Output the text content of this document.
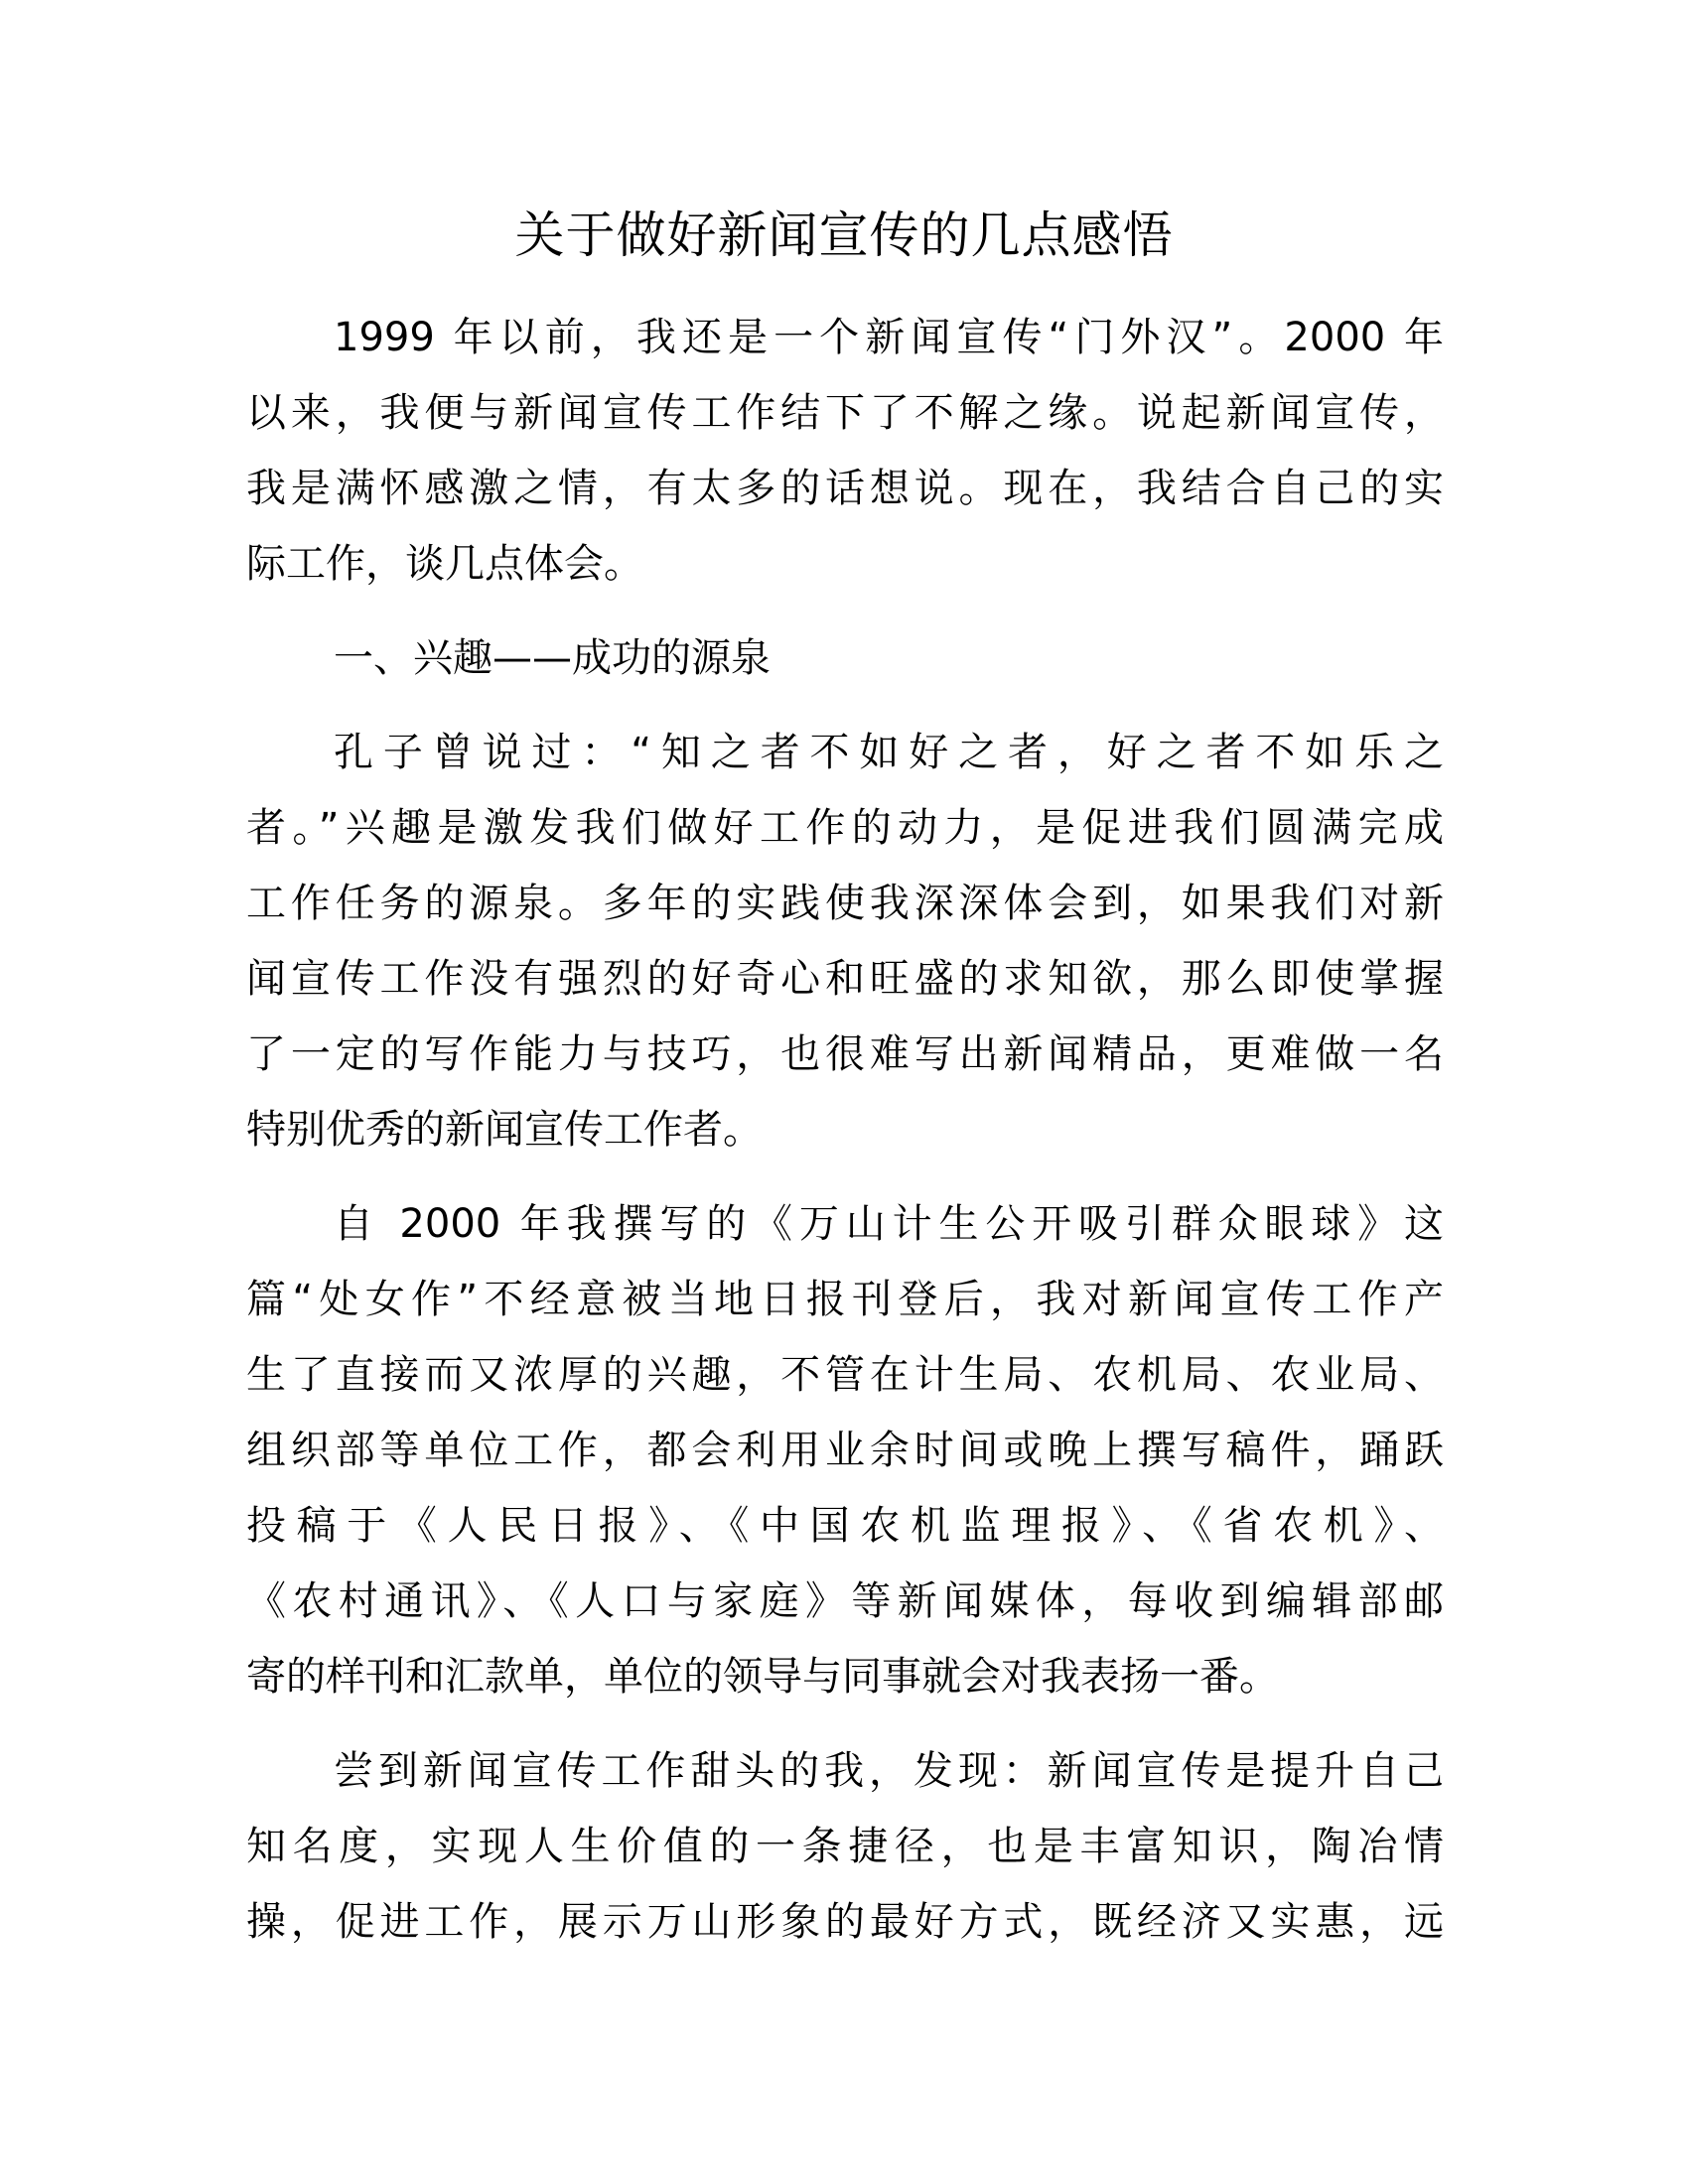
关于做好新闻宣传的几点感悟
1999 年以前，我还是一个新闻宣传“门外汉”。2000 年
以来，我便与新闻宣传工作结下了不解之缘。说起新闻宣传，
我是满怀感激之情，有太多的话想说。现在，我结合自己的实
际工作，谈几点体会。
一、兴趣——成功的源泉
孔子曾说过：“知之者不如好之者，好之者不如乐之
者。”兴趣是激发我们做好工作的动力，是促进我们圆满完成
工作任务的源泉。多年的实践使我深深体会到，如果我们对新
闻宣传工作没有强烈的好奇心和旺盛的求知欲，那么即使掌握
了一定的写作能力与技巧，也很难写出新闻精品，更难做一名
特别优秀的新闻宣传工作者。
自 2000 年我撰写的《万山计生公开吸引群众眼球》这
篇“处女作”不经意被当地日报刊登后，我对新闻宣传工作产
生了直接而又浓厚的兴趣，不管在计生局、农机局、农业局、
组织部等单位工作，都会利用业余时间或晚上撰写稿件，踊跃
投稿于《人民日报》、《中国农机监理报》、《省农机》、
《农村通讯》、《人口与家庭》等新闻媒体，每收到编辑部邮
寄的样刊和汇款单，单位的领导与同事就会对我表扬一番。
尝到新闻宣传工作甜头的我，发现：新闻宣传是提升自己
知名度，实现人生价值的一条捷径，也是丰富知识，陶冶情
操，促进工作，展示万山形象的最好方式，既经济又实惠，远
